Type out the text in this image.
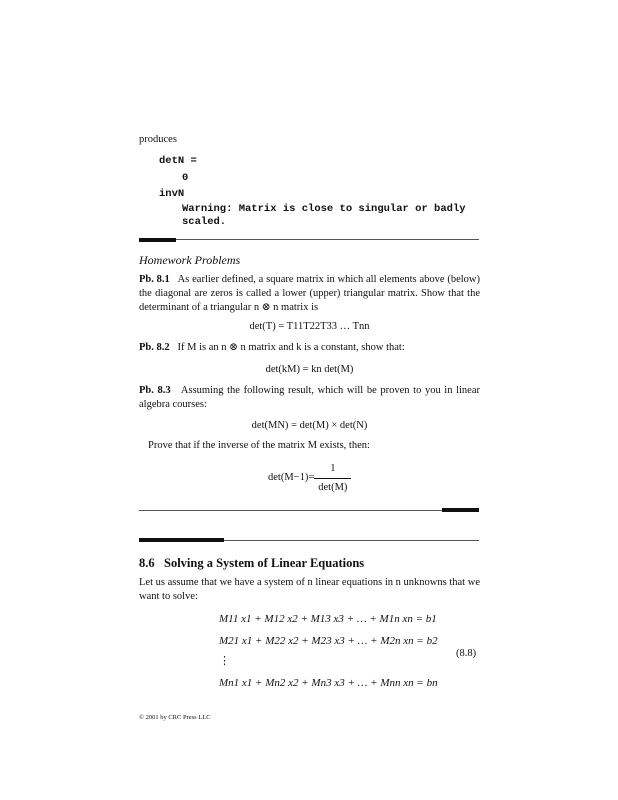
produces
detN =
0
invN
Warning: Matrix is close to singular or badly
scaled.
Homework Problems
Pb. 8.1 As earlier defined, a square matrix in which all elements above (below) the diagonal are zeros is called a lower (upper) triangular matrix. Show that the determinant of a triangular n ⊗ n matrix is
det(T) = T11T22T33 … Tnn
Pb. 8.2 If M is an n ⊗ n matrix and k is a constant, show that:
det(kM) = kn det(M)
Pb. 8.3 Assuming the following result, which will be proven to you in linear algebra courses:
det(MN) = det(M) × det(N)
Prove that if the inverse of the matrix M exists, then:
$\det(M-1)= \frac{1}{\det(M)}$
8.6 Solving a System of Linear Equations
Let us assume that we have a system of n linear equations in n unknowns that we want to solve:
M11 x1 + M12 x2 + M13 x3 + … + M1n xn = b1
M21 x1 + M22 x2 + M23 x3 + … + M2n xn = b2
⋮
Mn1 x1 + Mn2 x2 + Mn3 x3 + … + Mnn xn = bn
(8.8)
© 2001 by CRC Press LLC
